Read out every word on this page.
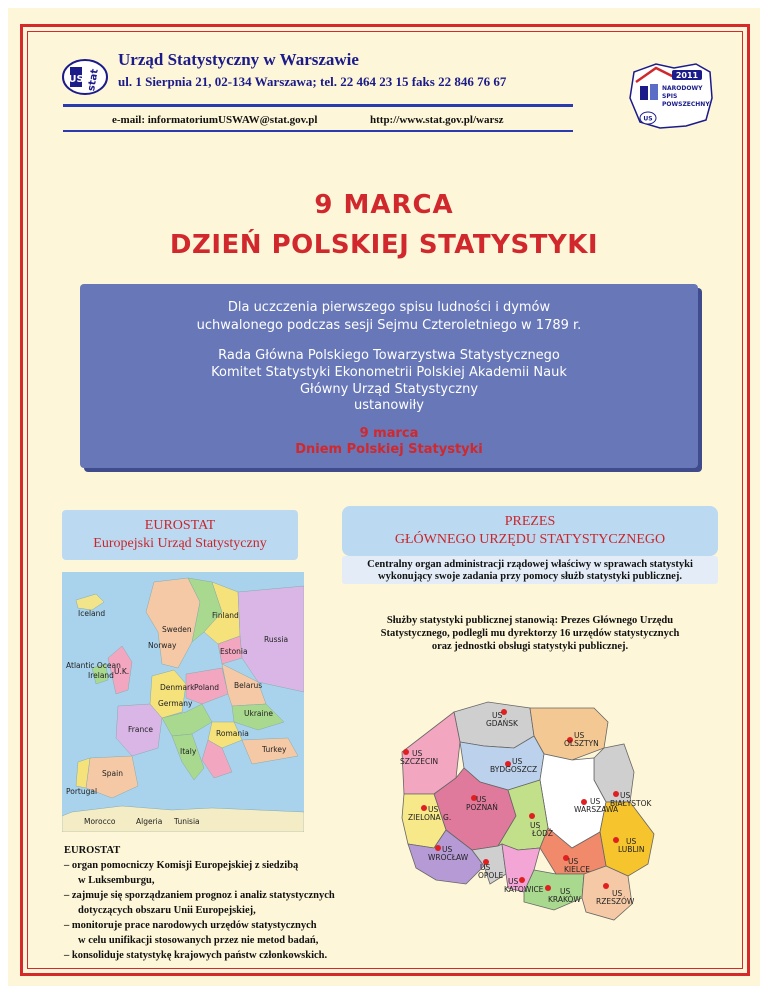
US stat
Urząd Statystyczny w Warszawie
ul. 1 Sierpnia 21, 02-134 Warszawa; tel. 22 464 23 15 faks 22 846 76 67
e-mail: informatoriumUSWAW@stat.gov.pl	http://www.stat.gov.pl/warsz
2011
NARODOWY
SPIS
POWSZECHNY
US
9 MARCA
DZIEŃ POLSKIEJ STATYSTYKI
Dla uczczenia pierwszego spisu ludności i dymów
uchwalonego podczas sesji Sejmu Czteroletniego w 1789 r.
Rada Główna Polskiego Towarzystwa Statystycznego
Komitet Statystyki Ekonometrii Polskiej Akademii Nauk
Główny Urząd Statystyczny
ustanowiły
9 marca
Dniem Polskiej Statystyki
EUROSTAT
Europejski Urząd Statystyczny
PREZES
GŁÓWNEGO URZĘDU STATYSTYCZNEGO
Centralny organ administracji rządowej właściwy w sprawach statystyki
wykonujący swoje zadania przy pomocy służb statystyki publicznej.
Służby statystyki publicznej stanowią: Prezes Głównego Urzędu
Statystycznego, podlegli mu dyrektorzy 16 urzędów statystycznych
oraz jednostki obsługi statystyki publicznej.
Iceland
Sweden
Finland
Norway
Atlantic Ocean
Estonia
Russia
Ireland
Denmark
U.K.
Poland Belarus
Germany
Ukraine
France	Romania
Spain
Italy	Turkey
Portugal
Algeria
Morocco	Tunisia
EUROSTAT
– organ pomocniczy Komisji Europejskiej z siedzibą
w Luksemburgu,
– zajmuje się sporządzaniem prognoz i analiz statystycznych
dotyczących obszaru Unii Europejskiej,
– monitoruje prace narodowych urzędów statystycznych
w celu unifikacji stosowanych przez nie metod badań,
– konsoliduje statystykę krajowych państw członkowskich.
US
GDAŃSK
US
OLSZTYN
US
SZCZECIN	US
BYDGOSZCZ
US
BIAŁYSTOK
US
POZNAŃ
US
WARSZAWA
US
ZIELONA G.
US
ŁÓDŹ
US
LUBLIN
US
WROCŁAW	US
KIELCE
US
OPOLE
US
KATOWICE US
KRAKÓW
US
RZESZÓW
